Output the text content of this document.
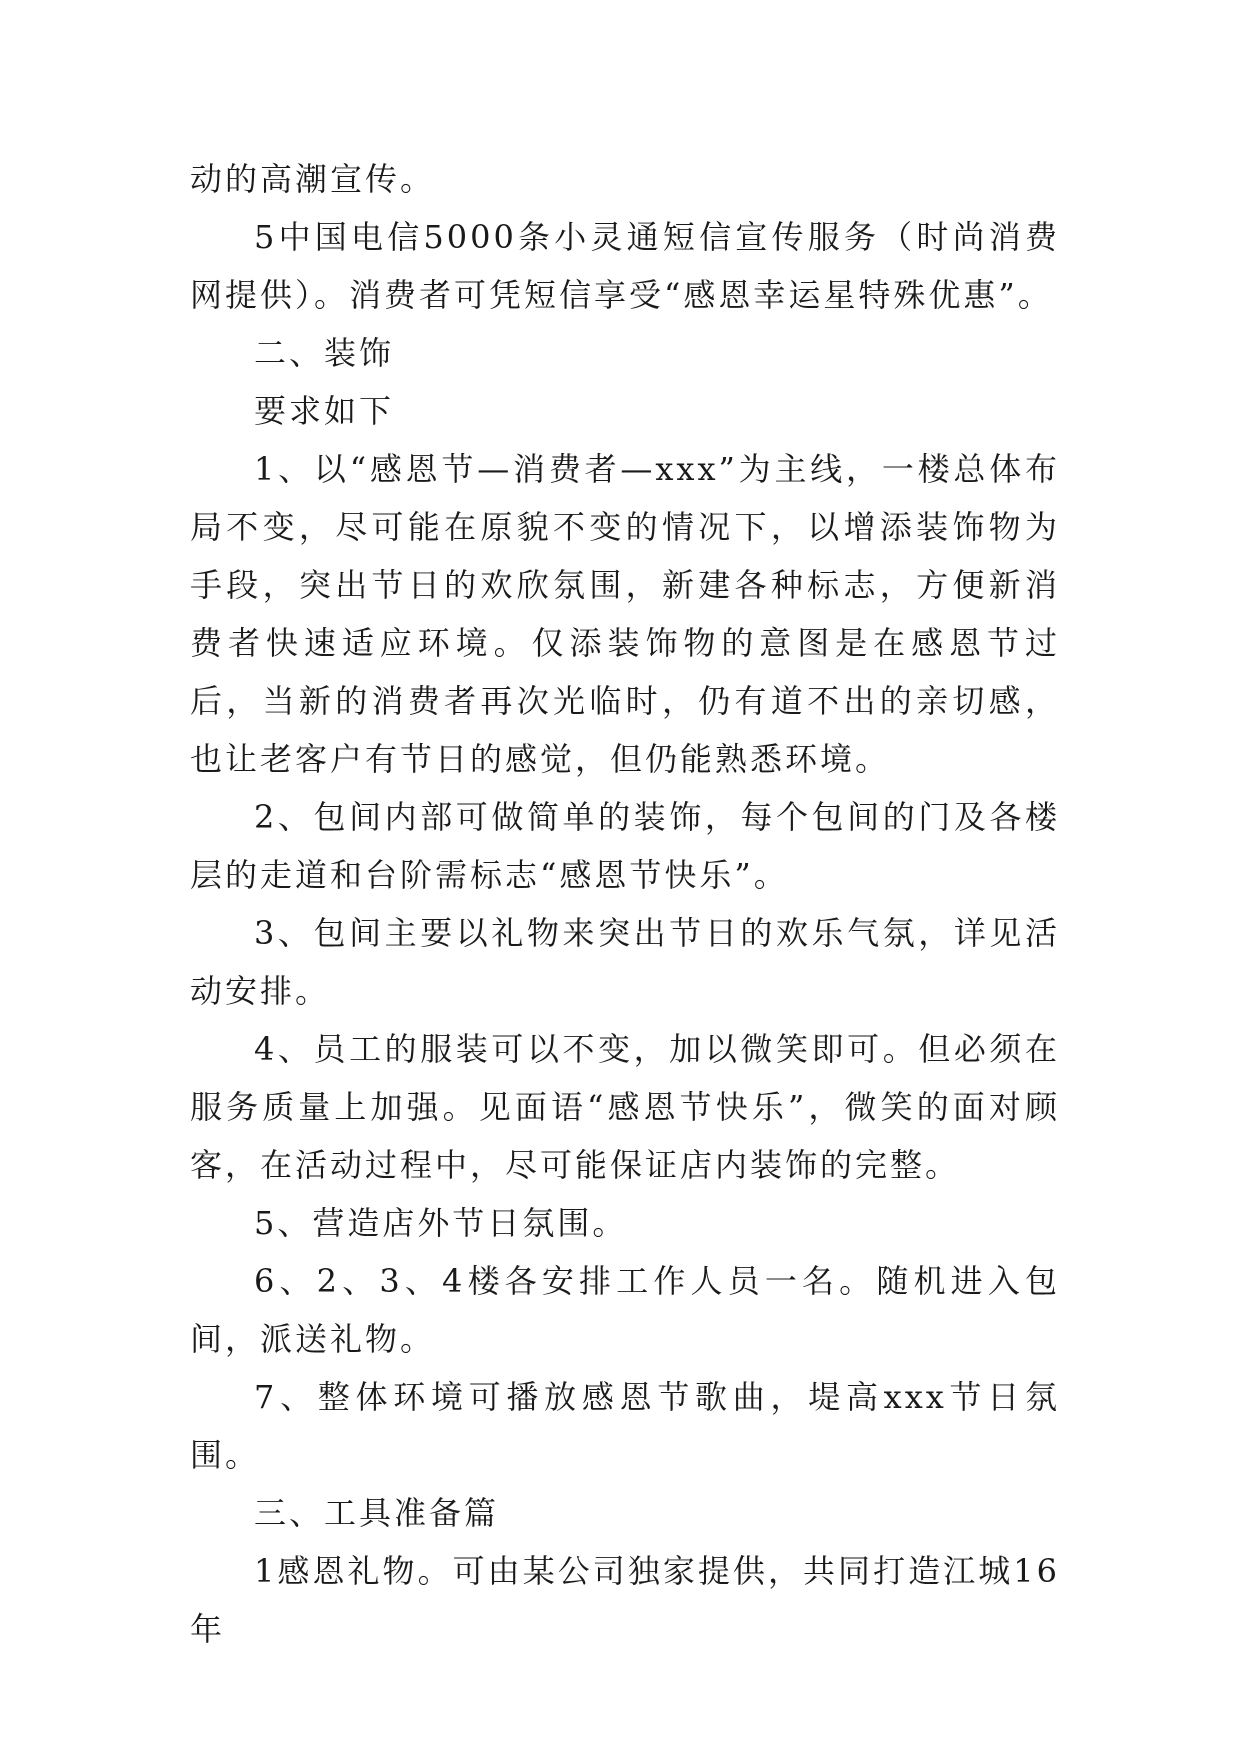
动的高潮宣传。

5中国电信5000条小灵通短信宣传服务（时尚消费网提供）。消费者可凭短信享受“感恩幸运星特殊优惠”。

二、装饰

要求如下

1、以“感恩节—消费者—xxx”为主线，一楼总体布局不变，尽可能在原貌不变的情况下，以增添装饰物为手段，突出节日的欢欣氛围，新建各种标志，方便新消费者快速适应环境。仅添装饰物的意图是在感恩节过后，当新的消费者再次光临时，仍有道不出的亲切感，也让老客户有节日的感觉，但仍能熟悉环境。

2、包间内部可做简单的装饰，每个包间的门及各楼层的走道和台阶需标志“感恩节快乐”。

3、包间主要以礼物来突出节日的欢乐气氛，详见活动安排。

4、员工的服装可以不变，加以微笑即可。但必须在服务质量上加强。见面语“感恩节快乐”，微笑的面对顾客，在活动过程中，尽可能保证店内装饰的完整。

5、营造店外节日氛围。

6、2、3、4楼各安排工作人员一名。随机进入包间，派送礼物。

7、整体环境可播放感恩节歌曲，堤高xxx节日氛围。

三、工具准备篇

1感恩礼物。可由某公司独家提供，共同打造江城16年
